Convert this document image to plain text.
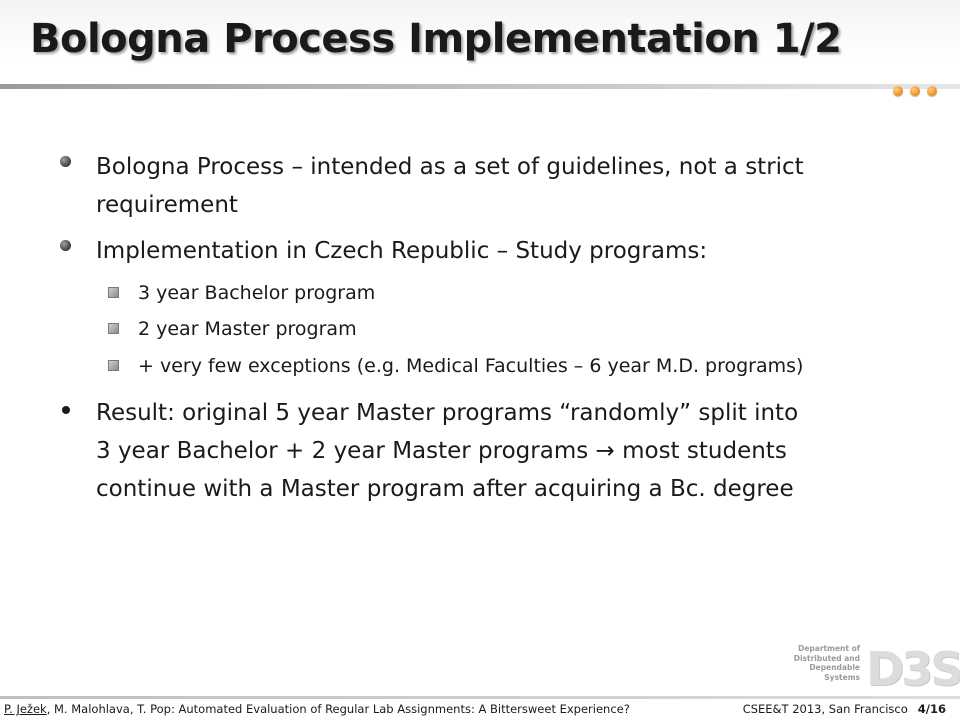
Bologna Process Implementation 1/2
Bologna Process – intended as a set of guidelines, not a strict
requirement
Implementation in Czech Republic – Study programs:
3 year Bachelor program
2 year Master program
+ very few exceptions (e.g. Medical Faculties – 6 year M.D. programs)
Result: original 5 year Master programs “randomly” split into
3 year Bachelor + 2 year Master programs → most students
continue with a Master program after acquiring a Bc. degree
Department of
Distributed and
Dependable
Systems D3S
P. Ježek, M. Malohlava, T. Pop: Automated Evaluation of Regular Lab Assignments: A Bittersweet Experience?	CSEE&T 2013, San Francisco 4/16
